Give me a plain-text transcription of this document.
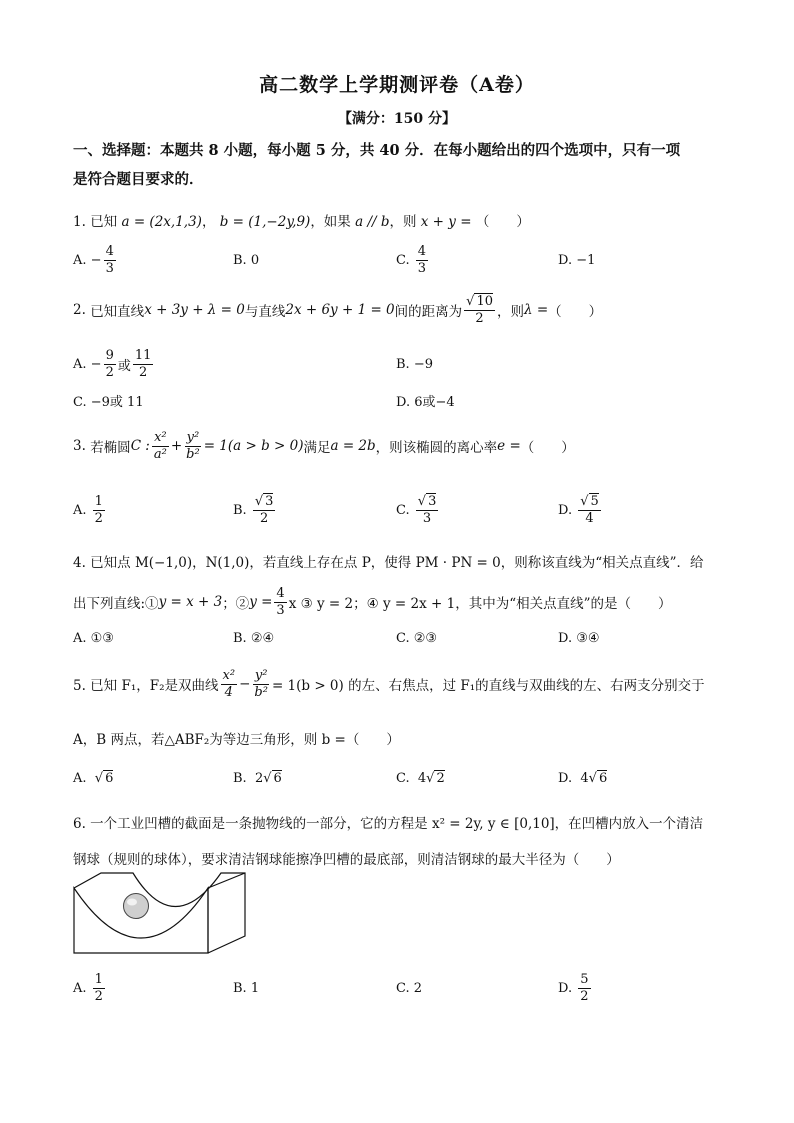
高二数学上学期测评卷（A卷）
【满分：150 分】
一、选择题：本题共 8 小题，每小题 5 分，共 40 分．在每小题给出的四个选项中，只有一项
是符合题目要求的．
1. 已知 a = (2x,1,3)， b = (1,−2y,9)，如果 a // b，则 x + y = （　　）
A.
− $\frac{4}{3}$	B. 0	C.
$\frac{4}{3}$	D. −1
2.
已知直线 x + 3y + λ = 0 与直线 2x + 6y + 1 = 0 间的距离为 $\frac{√ 10}{2}$ ，则 λ = （　　）
A.
− $\frac{9}{2}$ 或 $\frac{11}{2}$	B. −9
C. −9或 11	D. 6或−4
3.
若椭圆 C : $\frac{\text{x²}}{\text{a²}} + \frac{\text{y²}}{\text{b²}} = 1(a > b > 0)$ 满足 a = 2b ，则该椭圆的离心率 e = （　　）
A.
$\frac{1}{2}$	B.
$\frac{√ 3}{2}$	C.
$\frac{√ 3}{3}$	D.
$\frac{√ 5}{4}$
4. 已知点 M(−1,0)，N(1,0)，若直线上存在点 P，使得 PM · PN = 0，则称该直线为“相关点直线”．给
出下列直线:① y = x + 3 ；② $y = \frac{4}{3}$ x ③ y = 2；④ y = 2x + 1，其中为“相关点直线”的是（　　）
A. ①③	B. ②④	C. ②③	D. ③④
5. 已知 F₁，F₂是双曲线 $\frac{\text{x²}}{4} - \frac{\text{y²}}{\text{b²}} = 1(b > 0)$ 的左、右焦点，过 F₁的直线与双曲线的左、右两支分别交于
A，B 两点，若△ABF₂为等边三角形，则 b =（　　）
A. √ 6	B.
2 √ 6	C.
4 √ 2	D.
4 √ 6
6. 一个工业凹槽的截面是一条抛物线的一部分，它的方程是 x² = 2y, y ∈ [0,10]，在凹槽内放入一个清洁
钢球（规则的球体），要求清洁钢球能擦净凹槽的最底部，则清洁钢球的最大半径为（　　）
A.
$\frac{1}{2}$	B. 1	C. 2	D.
$\frac{5}{2}$
